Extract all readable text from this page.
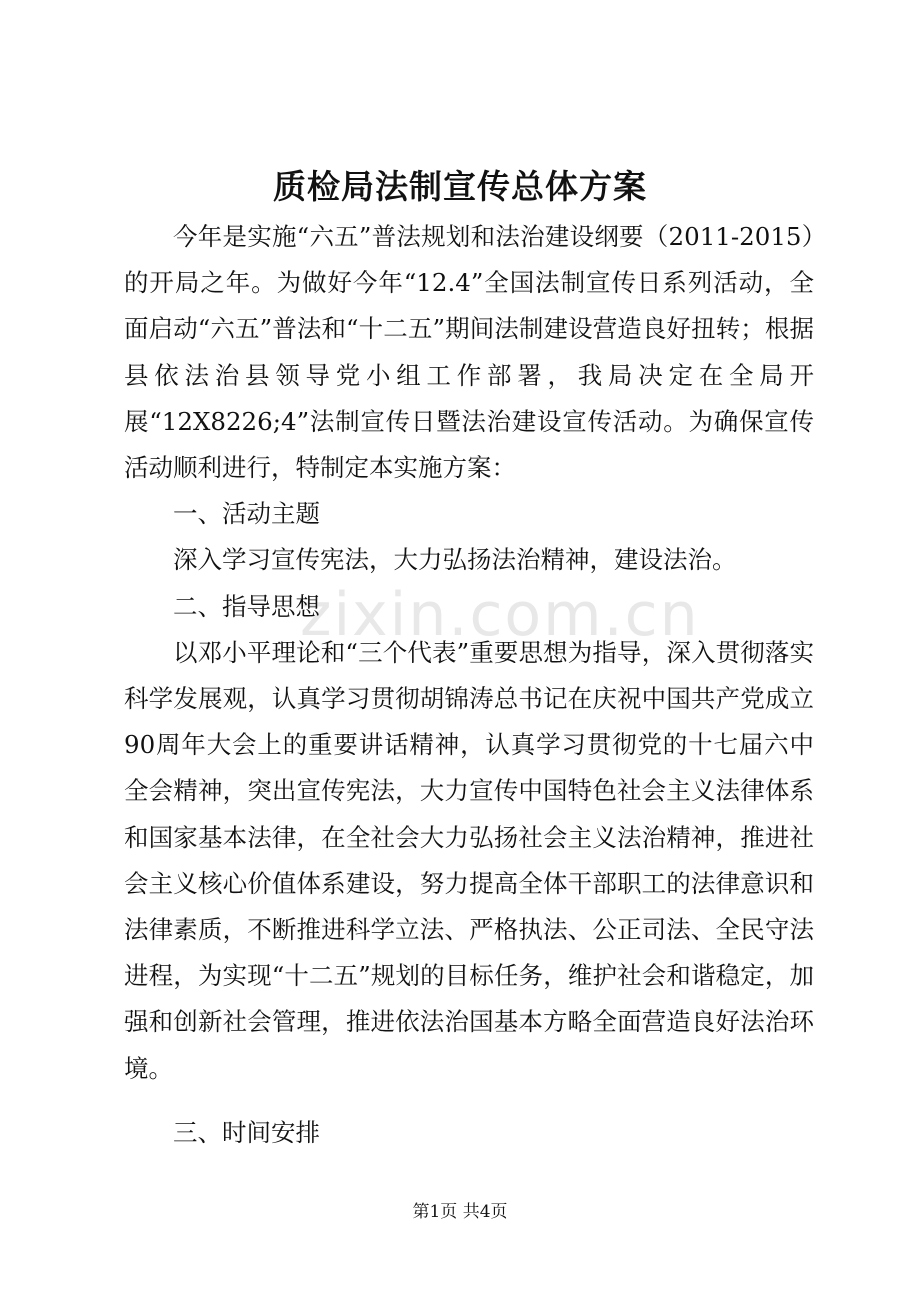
zixin.com.cn
质检局法制宣传总体方案

今年是实施“六五”普法规划和法治建设纲要（2011-2015）的开局之年。为做好今年“12.4”全国法制宣传日系列活动，全面启动“六五”普法和“十二五”期间法制建设营造良好扭转；根据县依法治县领导党小组工作部署，我局决定在全局开展“12X8226;4”法制宣传日暨法治建设宣传活动。为确保宣传活动顺利进行，特制定本实施方案：

一、活动主题

深入学习宣传宪法，大力弘扬法治精神，建设法治。

二、指导思想

以邓小平理论和“三个代表”重要思想为指导，深入贯彻落实科学发展观，认真学习贯彻胡锦涛总书记在庆祝中国共产党成立90周年大会上的重要讲话精神，认真学习贯彻党的十七届六中全会精神，突出宣传宪法，大力宣传中国特色社会主义法律体系和国家基本法律，在全社会大力弘扬社会主义法治精神，推进社会主义核心价值体系建设，努力提高全体干部职工的法律意识和法律素质，不断推进科学立法、严格执法、公正司法、全民守法进程，为实现“十二五”规划的目标任务，维护社会和谐稳定，加强和创新社会管理，推进依法治国基本方略全面营造良好法治环境。

三、时间安排

第1页 共4页
